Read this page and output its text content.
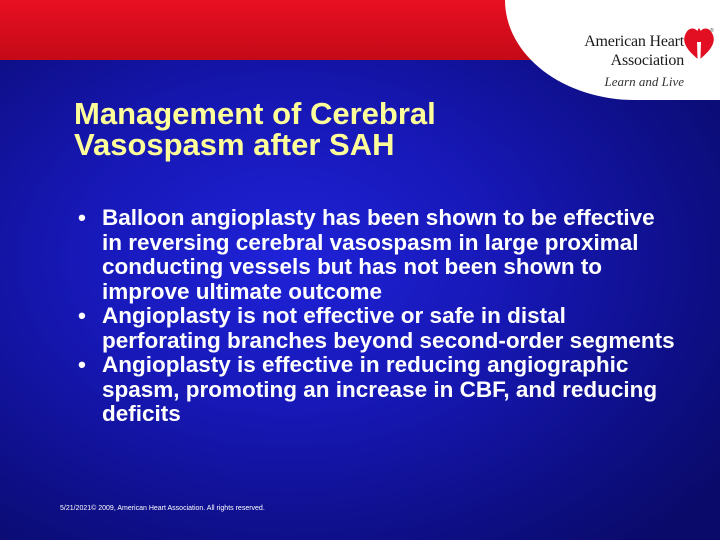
American Heart
Association
Learn and Live
®
Management of Cerebral
Vasospasm after SAH
• Balloon angioplasty has been shown to be effective in reversing cerebral vasospasm in large proximal conducting vessels but has not been shown to improve ultimate outcome
• Angioplasty is not effective or safe in distal perforating branches beyond second-order segments
• Angioplasty is effective in reducing angiographic spasm, promoting an increase in CBF, and reducing deficits
5/21/2021© 2009, American Heart Association. All rights reserved.
